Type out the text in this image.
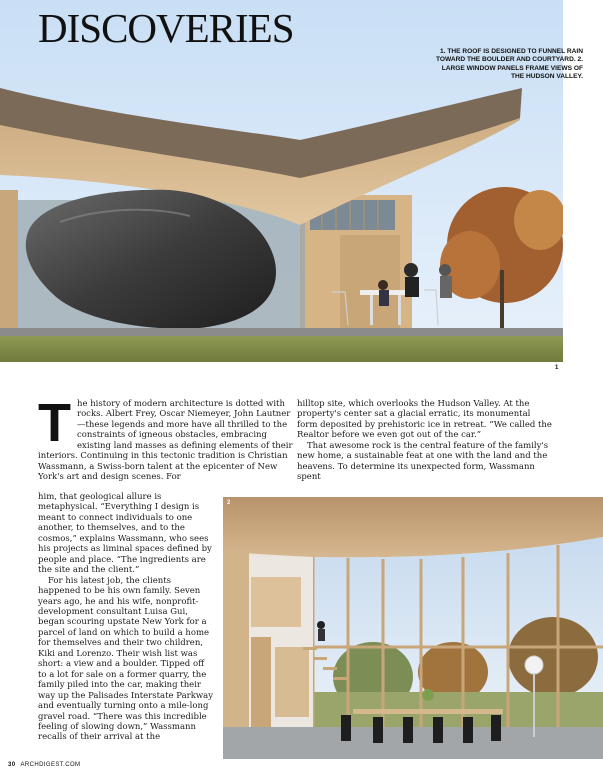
DISCOVERIES
1. THE ROOF IS DESIGNED TO FUNNEL RAIN TOWARD THE BOULDER AND COURTYARD. 2. LARGE WINDOW PANELS FRAME VIEWS OF THE HUDSON VALLEY.
1

The history of modern architecture is dotted with rocks. Albert Frey, Oscar Niemeyer, John Lautner—these legends and more have all thrilled to the constraints of igneous obstacles, embracing existing land masses as defining elements of their interiors. Continuing in this tectonic tradition is Christian Wassmann, a Swiss-born talent at the epicenter of New York's art and design scenes. For

him, that geological allure is metaphysical. “Everything I design is meant to connect individuals to one another, to themselves, and to the cosmos,” explains Wassmann, who sees his projects as liminal spaces defined by people and place. “The ingredients are the site and the client.”

For his latest job, the clients happened to be his own family. Seven years ago, he and his wife, nonprofit-development consultant Luisa Gui, began scouring upstate New York for a parcel of land on which to build a home for themselves and their two children, Kiki and Lorenzo. Their wish list was short: a view and a boulder. Tipped off to a lot for sale on a former quarry, the family piled into the car, making their way up the Palisades Interstate Parkway and eventually turning onto a mile-long gravel road. “There was this incredible feeling of slowing down,” Wassmann recalls of their arrival at the

hilltop site, which overlooks the Hudson Valley. At the property's center sat a glacial erratic, its monumental form deposited by prehistoric ice in retreat. “We called the Realtor before we even got out of the car.”

That awesome rock is the central feature of the family's new home, a sustainable feat at one with the land and the heavens. To determine its unexpected form, Wassmann spent

2
30 ARCHDIGEST.COM
